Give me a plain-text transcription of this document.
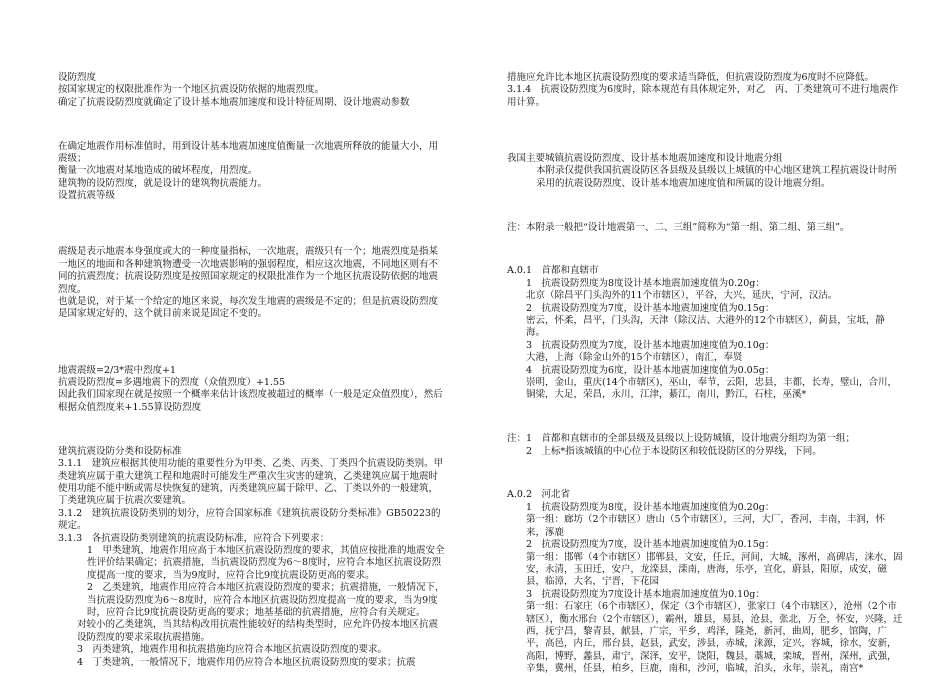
设防烈度

按国家规定的权限批准作为一个地区抗震设防依据的地震烈度。

确定了抗震设防烈度就确定了设计基本地震加速度和设计特征周期、设计地震动参数

在确定地震作用标准值时，用到设计基本地震加速度值衡量一次地震所释放的能量大小，用震级；

衡量一次地震对某地造成的破坏程度，用烈度。

建筑物的设防烈度，就是设计的建筑物抗震能力。

设置抗震等级

震级是表示地震本身强度或大的一种度量指标，一次地震，震级只有一个；地震烈度是指某一地区的地面和各种建筑物遭受一次地震影响的强弱程度，相应这次地震，不同地区则有不同的抗震烈度；抗震设防烈度是按照国家规定的权限批准作为一个地区抗震设防依据的地震烈度。

也就是说，对于某一个给定的地区来说，每次发生地震的震级是不定的；但是抗震设防烈度是国家规定好的，这个就目前来说是固定不变的。

地震震级=2/3*震中烈度+1

抗震设防烈度=多遇地震下的烈度（众值烈度）+1.55

因此我们国家现在就是按照一个概率来估计该烈度被超过的概率（一般是定众值烈度），然后根据众值烈度来+1.55算设防烈度

建筑抗震设防分类和设防标准

3.1.1　建筑应根据其使用功能的重要性分为甲类、乙类、丙类、丁类四个抗震设防类别。甲类建筑应属于重大建筑工程和地震时可能发生严重次生灾害的建筑，乙类建筑应属于地震时使用功能不能中断或需尽快恢复的建筑，丙类建筑应属于除甲、乙、丁类以外的一般建筑，丁类建筑应属于抗震次要建筑。

3.1.2　建筑抗震设防类别的划分，应符合国家标准《建筑抗震设防分类标准》GB50223的规定。

3.1.3　各抗震设防类别建筑的抗震设防标准，应符合下列要求：

1　甲类建筑，地震作用应高于本地区抗震设防烈度的要求，其值应按批准的地震安全性评价结果确定；抗震措施，当抗震设防烈度为6～8度时，应符合本地区抗震设防烈度提高一度的要求，当为9度时，应符合比9度抗震设防更高的要求。

2　乙类建筑，地震作用应符合本地区抗震设防烈度的要求；抗震措施，一般情况下，当抗震设防烈度为6～8度时，应符合本地区抗震设防烈度提高一度的要求，当为9度时，应符合比9度抗震设防更高的要求；地基基础的抗震措施，应符合有关规定。

对较小的乙类建筑，当其结构改用抗震性能较好的结构类型时，应允许仍按本地区抗震设防烈度的要求采取抗震措施。

3　丙类建筑，地震作用和抗震措施均应符合本地区抗震设防烈度的要求。

4　丁类建筑，一般情况下，地震作用仍应符合本地区抗震设防烈度的要求；抗震

措施应允许比本地区抗震设防烈度的要求适当降低，但抗震设防烈度为6度时不应降低。

3.1.4　抗震设防烈度为6度时，除本规范有具体规定外，对乙　丙、丁类建筑可不进行地震作用计算。

我国主要城镇抗震设防烈度、设计基本地震加速度和设计地震分组

本附录仅提供我国抗震设防区各县级及县级以上城镇的中心地区建筑工程抗震设计时所采用的抗震设防烈度、设计基本地震加速度值和所属的设计地震分组。

注：本附录一般把“设计地震第一、二、三组”简称为“第一组、第二组、第三组”。

A.0.1　首都和直辖市

1　抗震设防烈度为8度设计基本地震加速度值为0.20g：

北京（除昌平门头沟外的11个市辖区），平谷，大兴，延庆，宁河，汉沽。

2　抗震设防烈度为7度，设计基本地震加速度值为0.15g：

密云，怀柔，昌平，门头沟，天津（除汉沽、大港外的12个市辖区），蓟县，宝坻，静海。

3　抗震设防烈度为7度，设计基本地震加速度值为0.10g：

大港，上海（除金山外的15个市辖区），南汇，奉贤

4　抗震设防烈度为6度，设计基本地震加速度值为0.05g：

崇明，金山，重庆(14个市辖区)，巫山，奉节，云阳，忠县，丰都，长寿，璧山，合川，铜梁，大足，荣昌，永川，江津，綦江，南川，黔江，石柱，巫溪*

注：1　首都和直辖市的全部县级及县级以上设防城镇，设计地震分组均为第一组；

2　上标*指该城镇的中心位于本设防区和较低设防区的分界线，下同。

A.0.2　河北省

1　抗震设防烈度为8度，设计基本地震加速度值为0.20g：

第一组：廊坊（2个市辖区）唐山（5个市辖区），三河，大厂，香河，丰南，丰润，怀来，涿鹿

2　抗震设防烈度为7度，设计基本地震加速度值为0.15g：

第一组：邯郸（4个市辖区）邯郸县，文安，任丘，河间，大城，涿州，高碑店，涞水，固安，永清，玉田迁，安户，龙滦县，滦南，唐海，乐亭，宣化，蔚县，阳原，成安，磁县，临漳，大名，宁晋，下花园

3　抗震设防烈度为7度设计基本地震加速度值为0.10g：

第一组：石家庄（6个市辖区），保定（3个市辖区），张家口（4个市辖区），沧州（2个市辖区），衡水邢台（2个市辖区），霸州，雄县，易县，沧县，张北，万全，怀安，兴隆，迁西，抚宁昌，黎青县，献县，广宗，平乡，鸡泽，隆尧，新河，曲周，肥乡，馆陶，广平，高邑，内丘，邢台县，赵县，武安，涉县，赤城，涞源，定兴，容城，徐水，安新，高阳，博野，蠡县，肃宁，深泽，安平，饶阳，魏县，藁城，栾城，晋州，深州，武强，辛集，冀州，任县，柏乡，巨鹿，南和，沙河，临城，泊头，永年，崇礼，南宫*
